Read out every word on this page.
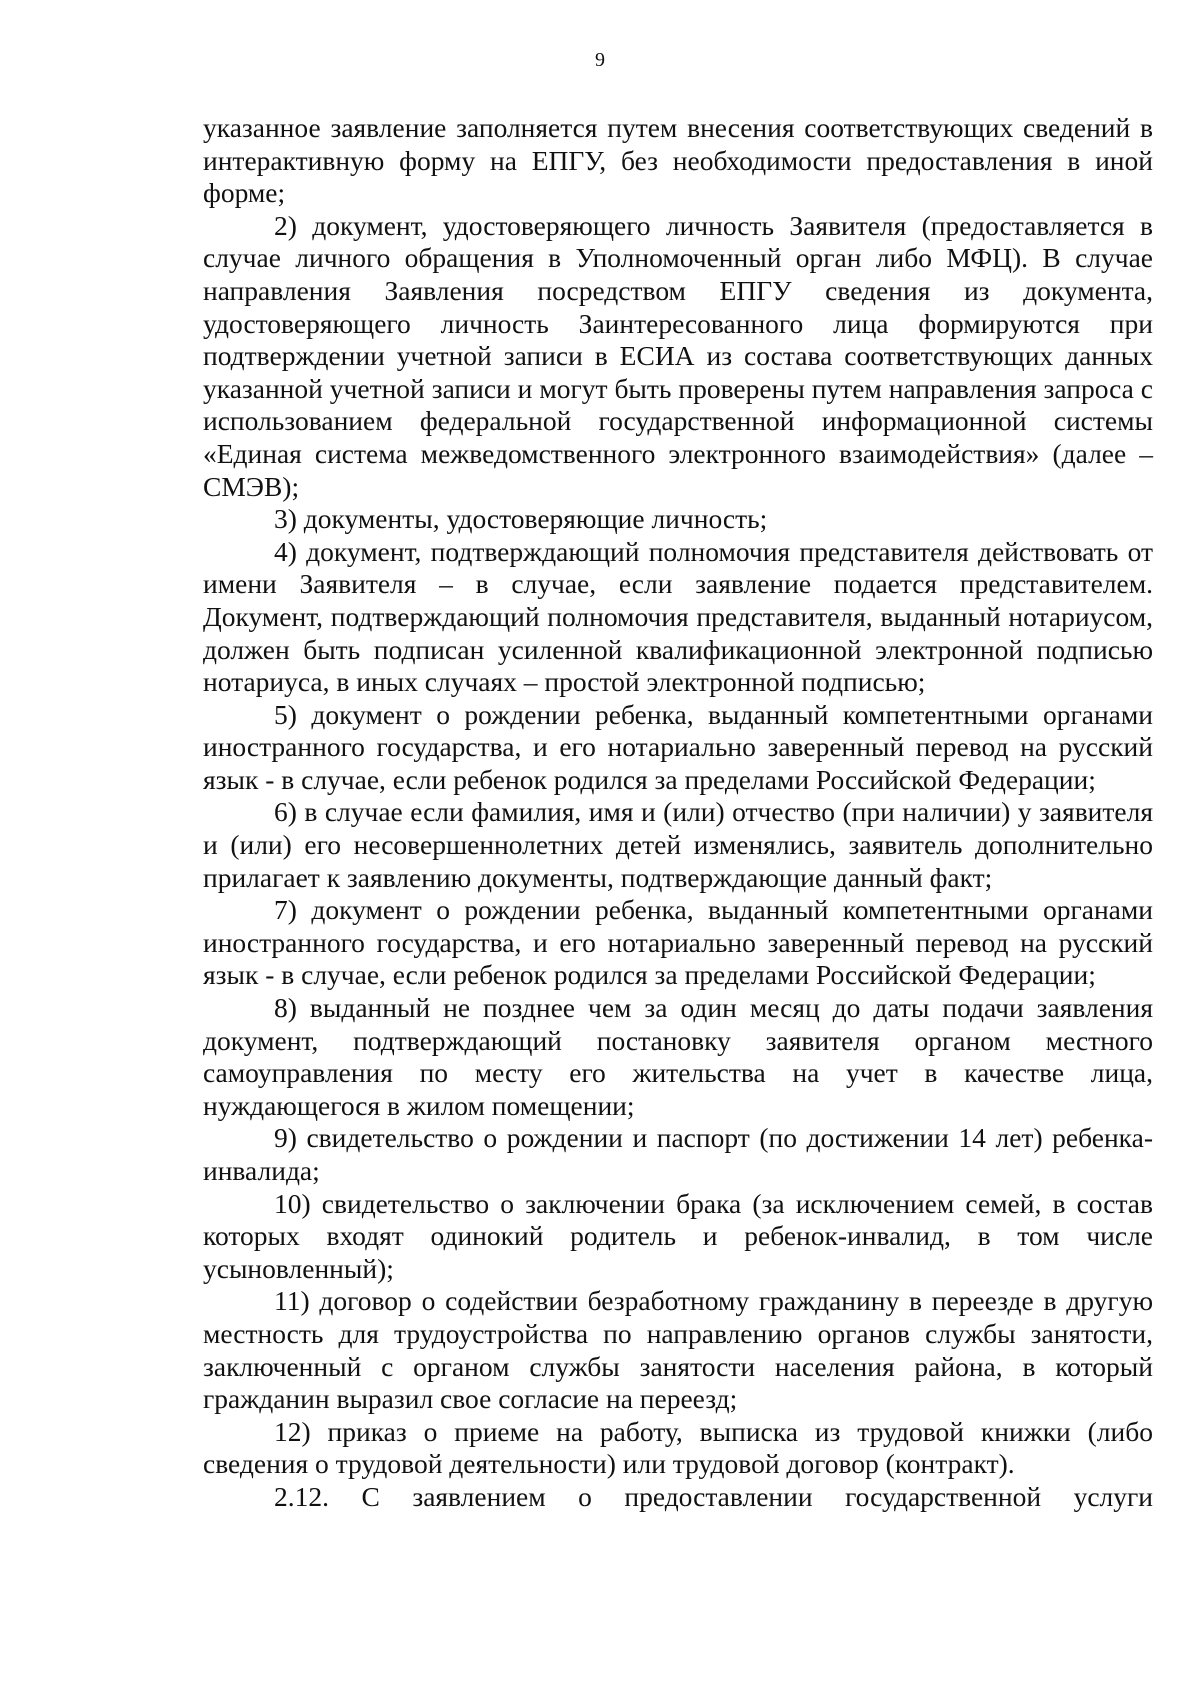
9

указанное заявление заполняется путем внесения соответствующих сведений в интерактивную форму на ЕПГУ, без необходимости предоставления в иной форме;

2) документ, удостоверяющего личность Заявителя (предоставляется в случае личного обращения в Уполномоченный орган либо МФЦ). В случае направления Заявления посредством ЕПГУ сведения из документа, удостоверяющего личность Заинтересованного лица формируются при подтверждении учетной записи в ЕСИА из состава соответствующих данных указанной учетной записи и могут быть проверены путем направления запроса с использованием федеральной государственной информационной системы «Единая система межведомственного электронного взаимодействия» (далее – СМЭВ);

3) документы, удостоверяющие личность;

4) документ, подтверждающий полномочия представителя действовать от имени Заявителя – в случае, если заявление подается представителем. Документ, подтверждающий полномочия представителя, выданный нотариусом, должен быть подписан усиленной квалификационной электронной подписью нотариуса, в иных случаях – простой электронной подписью;

5) документ о рождении ребенка, выданный компетентными органами иностранного государства, и его нотариально заверенный перевод на русский язык - в случае, если ребенок родился за пределами Российской Федерации;

6) в случае если фамилия, имя и (или) отчество (при наличии) у заявителя и (или) его несовершеннолетних детей изменялись, заявитель дополнительно прилагает к заявлению документы, подтверждающие данный факт;

7) документ о рождении ребенка, выданный компетентными органами иностранного государства, и его нотариально заверенный перевод на русский язык - в случае, если ребенок родился за пределами Российской Федерации;

8) выданный не позднее чем за один месяц до даты подачи заявления документ, подтверждающий постановку заявителя органом местного самоуправления по месту его жительства на учет в качестве лица, нуждающегося в жилом помещении;

9) свидетельство о рождении и паспорт (по достижении 14 лет) ребенка-инвалида;

10) свидетельство о заключении брака (за исключением семей, в состав которых входят одинокий родитель и ребенок-инвалид, в том числе усыновленный);

11) договор о содействии безработному гражданину в переезде в другую местность для трудоустройства по направлению органов службы занятости, заключенный с органом службы занятости населения района, в который гражданин выразил свое согласие на переезд;

12) приказ о приеме на работу, выписка из трудовой книжки (либо сведения о трудовой деятельности) или трудовой договор (контракт).

2.12. С заявлением о предоставлении государственной услуги
